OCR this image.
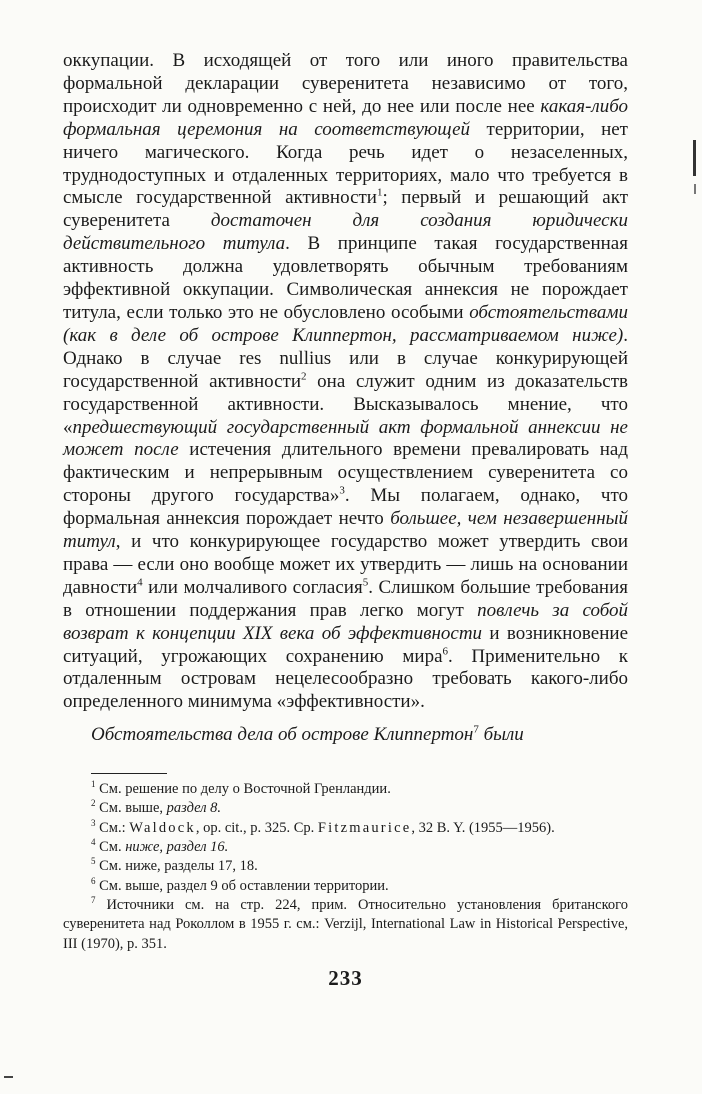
оккупации. В исходящей от того или иного правительства формальной декларации суверенитета независимо от того, происходит ли одновременно с ней, до нее или после нее какая-либо формальная церемония на соответствующей территории, нет ничего магического. Когда речь идет о незаселенных, труднодоступных и отдаленных территориях, мало что требуется в смысле государственной активности$^1$; первый и решающий акт суверенитета достаточен для создания юридически действительного титула. В принципе такая государственная активность должна удовлетворять обычным требованиям эффективной оккупации. Символическая аннексия не порождает титула, если только это не обусловлено особыми обстоятельствами (как в деле об острове Клиппертон, рассматриваемом ниже). Однако в случае res nullius или в случае конкурирующей государственной активности$^2$ она служит одним из доказательств государственной активности. Высказывалось мнение, что «предшествующий государственный акт формальной аннексии не может после истечения длительного времени превалировать над фактическим и непрерывным осуществлением суверенитета со стороны другого государства»$^3$. Мы полагаем, однако, что формальная аннексия порождает нечто большее, чем незавершенный титул, и что конкурирующее государство может утвердить свои права — если оно вообще может их утвердить — лишь на основании давности$^4$ или молчаливого согласия$^5$. Слишком большие требования в отношении поддержания прав легко могут повлечь за собой возврат к концепции XIX века об эффективности и возникновение ситуаций, угрожающих сохранению мира$^6$. Применительно к отдаленным островам нецелесообразно требовать какого-либо определенного минимума «эффективности».

Обстоятельства дела об острове Клиппертон$^7$ были

$^1$ См. решение по делу о Восточной Гренландии.

$^2$ См. выше, раздел 8.

$^3$ См.: Waldock, op. cit., p. 325. Cp. Fitzmaurice, 32 B. Y. (1955—1956).

$^4$ См. ниже, раздел 16.

$^5$ См. ниже, разделы 17, 18.

$^6$ См. выше, раздел 9 об оставлении территории.

$^7$ Источники см. на стр. 224, прим. Относительно установления британского суверенитета над Роколлом в 1955 г. см.: Verzijl, International Law in Historical Perspective, III (1970), p. 351.

233
